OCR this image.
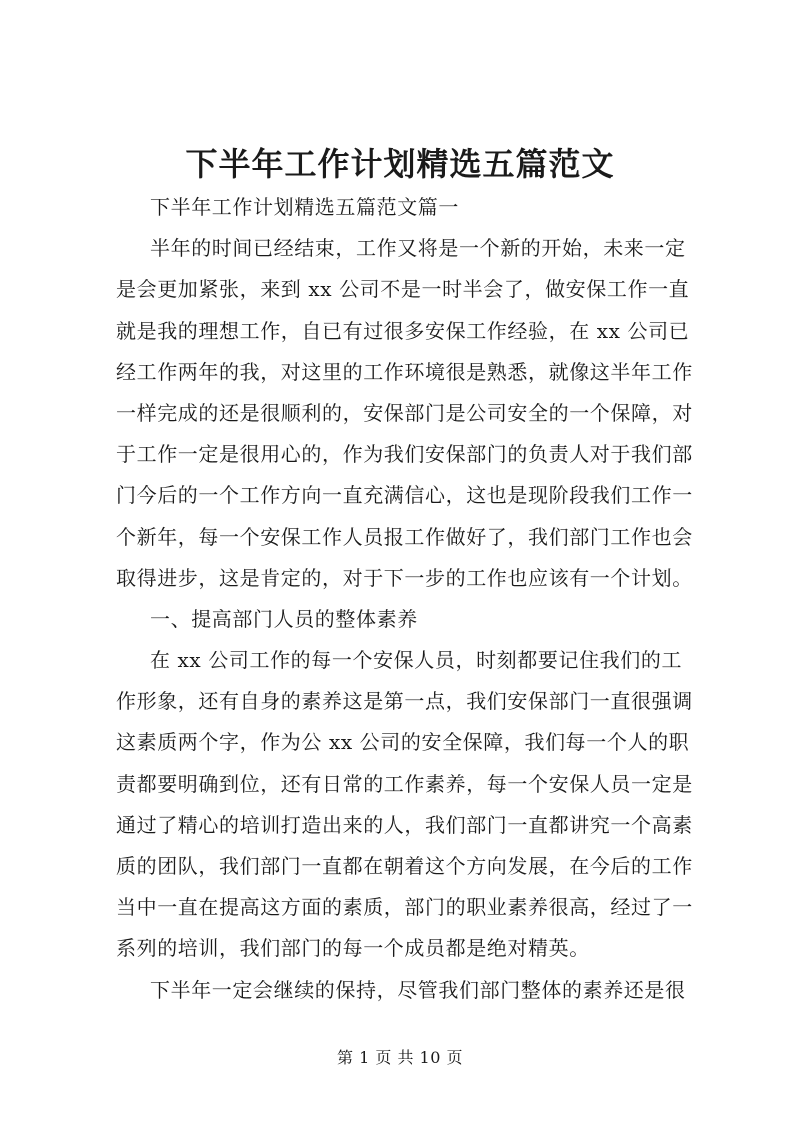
下半年工作计划精选五篇范文
下半年工作计划精选五篇范文篇一
半年的时间已经结束，工作又将是一个新的开始，未来一定
是会更加紧张，来到 xx 公司不是一时半会了，做安保工作一直
就是我的理想工作，自已有过很多安保工作经验，在 xx 公司已
经工作两年的我，对这里的工作环境很是熟悉，就像这半年工作
一样完成的还是很顺利的，安保部门是公司安全的一个保障，对
于工作一定是很用心的，作为我们安保部门的负责人对于我们部
门今后的一个工作方向一直充满信心，这也是现阶段我们工作一
个新年，每一个安保工作人员报工作做好了，我们部门工作也会
取得进步，这是肯定的，对于下一步的工作也应该有一个计划。
一、提高部门人员的整体素养
在 xx 公司工作的每一个安保人员，时刻都要记住我们的工
作形象，还有自身的素养这是第一点，我们安保部门一直很强调
这素质两个字，作为公 xx 公司的安全保障，我们每一个人的职
责都要明确到位，还有日常的工作素养，每一个安保人员一定是
通过了精心的培训打造出来的人，我们部门一直都讲究一个高素
质的团队，我们部门一直都在朝着这个方向发展，在今后的工作
当中一直在提高这方面的素质，部门的职业素养很高，经过了一
系列的培训，我们部门的每一个成员都是绝对精英。
下半年一定会继续的保持，尽管我们部门整体的素养还是很
第 1 页 共 10 页
